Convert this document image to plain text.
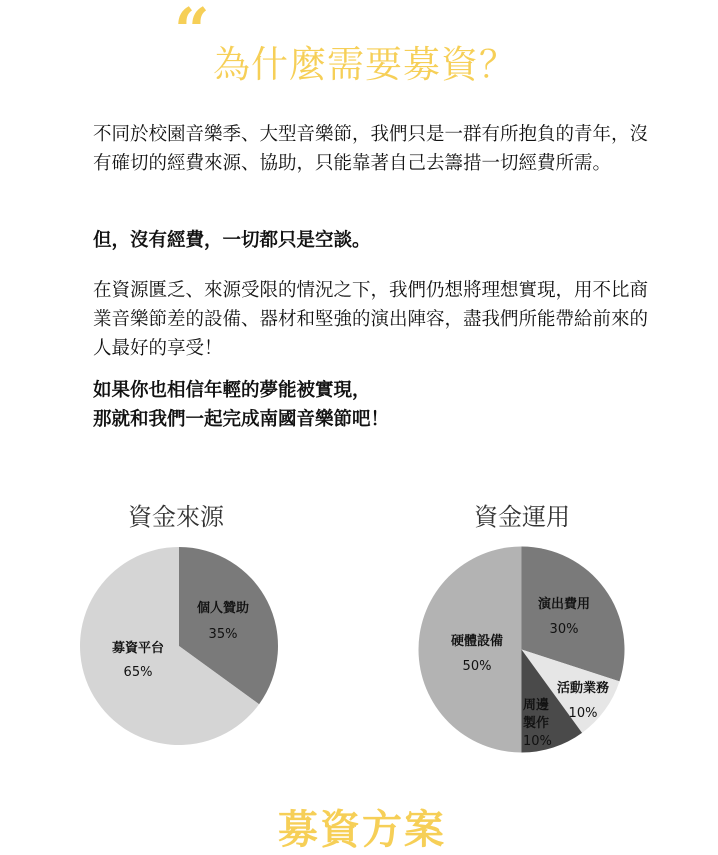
“ 為什麼需要募資？
不同於校園音樂季、大型音樂節，我們只是一群有所抱負的青年，沒有確切的經費來源、協助，只能靠著自己去籌措一切經費所需。
但，沒有經費，一切都只是空談。
在資源匱乏、來源受限的情況之下，我們仍想將理想實現，用不比商業音樂節差的設備、器材和堅強的演出陣容，盡我們所能帶給前來的人最好的享受！
如果你也相信年輕的夢能被實現，
那就和我們一起完成南國音樂節吧！
資金來源	資金運用
個人贊助
35%
募資平台
65%
演出費用
30%
活動業務
10%
周邊
製作
10%
硬體設備
50%
募資方案
